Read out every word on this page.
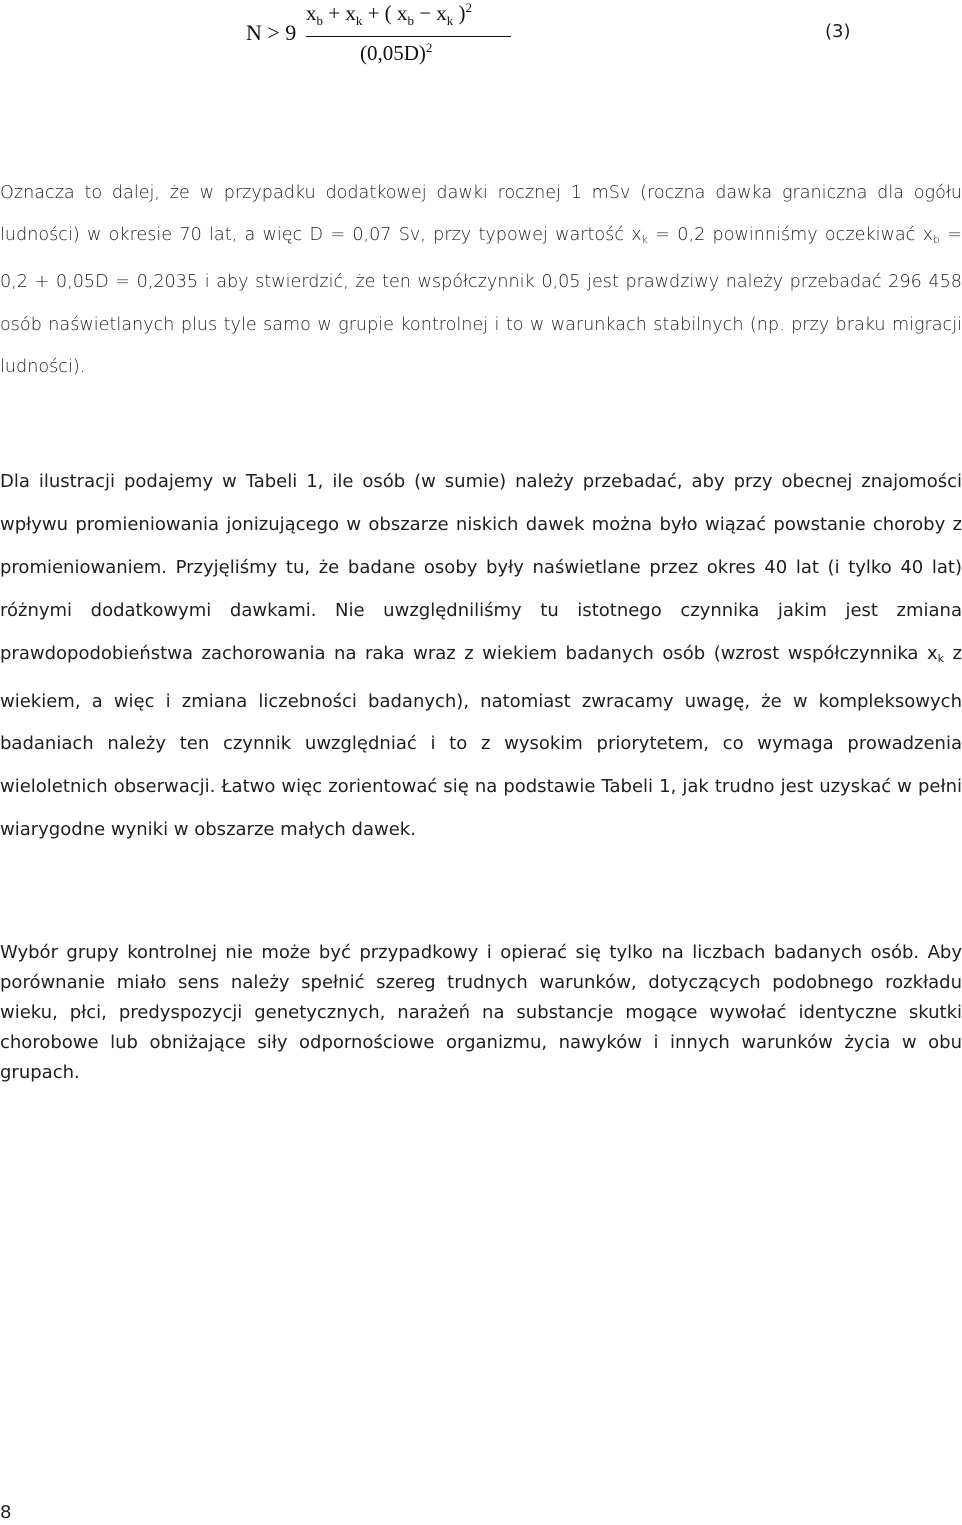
N > 9
$x_b + x_k$ + ( $x_b - x_k$ )$^2$
$(0,05D)^2$
(3)

Oznacza to dalej, że w przypadku dodatkowej dawki rocznej 1 mSv (roczna dawka graniczna dla ogółu ludności) w okresie 70 lat, a więc D = 0,07 Sv, przy typowej wartość $x_k = 0,2$ powinniśmy oczekiwać $x_b = 0,2 + 0,05D = 0,2035$ i aby stwierdzić, że ten współczynnik 0,05 jest prawdziwy należy przebadać 296 458 osób naświetlanych plus tyle samo w grupie kontrolnej i to w warunkach stabilnych (np. przy braku migracji ludności).

Dla ilustracji podajemy w Tabeli 1, ile osób (w sumie) należy przebadać, aby przy obecnej znajomości wpływu promieniowania jonizującego w obszarze niskich dawek można było wiązać powstanie choroby z promieniowaniem. Przyjęliśmy tu, że badane osoby były naświetlane przez okres 40 lat (i tylko 40 lat) różnymi dodatkowymi dawkami. Nie uwzględniliśmy tu istotnego czynnika jakim jest zmiana prawdopodobieństwa zachorowania na raka wraz z wiekiem badanych osób (wzrost współczynnika $x_k$ z wiekiem, a więc i zmiana liczebności badanych), natomiast zwracamy uwagę, że w kompleksowych badaniach należy ten czynnik uwzględniać i to z wysokim priorytetem, co wymaga prowadzenia wieloletnich obserwacji. Łatwo więc zorientować się na podstawie Tabeli 1, jak trudno jest uzyskać w pełni wiarygodne wyniki w obszarze małych dawek.

Wybór grupy kontrolnej nie może być przypadkowy i opierać się tylko na liczbach badanych osób. Aby porównanie miało sens należy spełnić szereg trudnych warunków, dotyczących podobnego rozkładu wieku, płci, predyspozycji genetycznych, narażeń na substancje mogące wywołać identyczne skutki chorobowe lub obniżające siły odpornościowe organizmu, nawyków i innych warunków życia w obu grupach.

8
